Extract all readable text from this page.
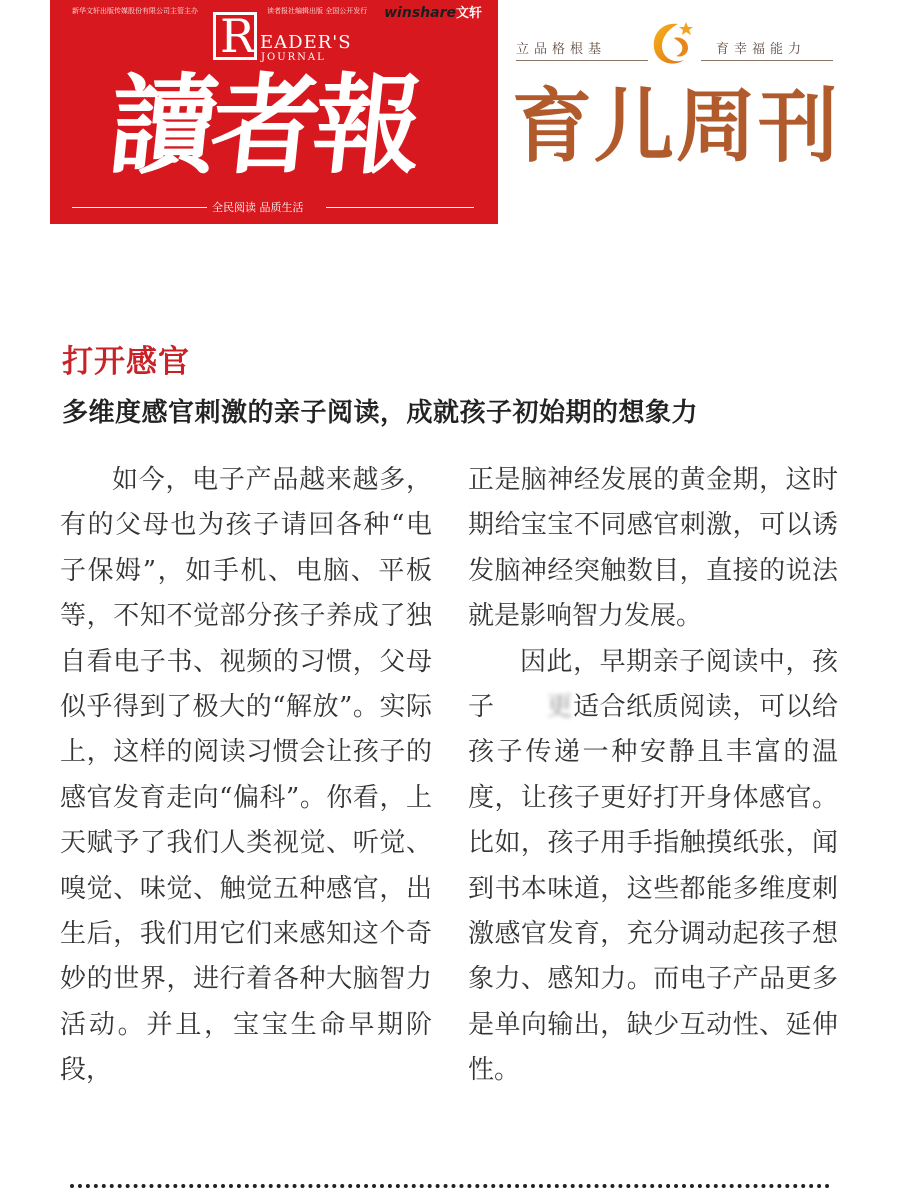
新华文轩出版传媒股份有限公司主管主办	读者报社编辑出版 全国公开发行 winshare文轩
R EADER'S
JOURNAL
讀者報
全民阅读 品质生活
立品格根基	育幸福能力
育儿周刊
打开感官
多维度感官刺激的亲子阅读，成就孩子初始期的想象力

如今，电子产品越来越多，有的父母也为孩子请回各种“电子保姆”，如手机、电脑、平板等，不知不觉部分孩子养成了独自看电子书、视频的习惯，父母似乎得到了极大的“解放”。实际上，这样的阅读习惯会让孩子的感官发育走向“偏科”。你看，上天赋予了我们人类视觉、听觉、嗅觉、味觉、触觉五种感官，出生后，我们用它们来感知这个奇妙的世界，进行着各种大脑智力活动。并且，宝宝生命早期阶段，

正是脑神经发展的黄金期，这时期给宝宝不同感官刺激，可以诱发脑神经突触数目，直接的说法就是影响智力发展。

因此，早期亲子阅读中，孩子 更适合纸质阅读，可以给孩子传递一种安静且丰富的温度，让孩子更好打开身体感官。比如，孩子用手指触摸纸张，闻到书本味道，这些都能多维度刺激感官发育，充分调动起孩子想象力、感知力。而电子产品更多是单向输出，缺少互动性、延伸性。
